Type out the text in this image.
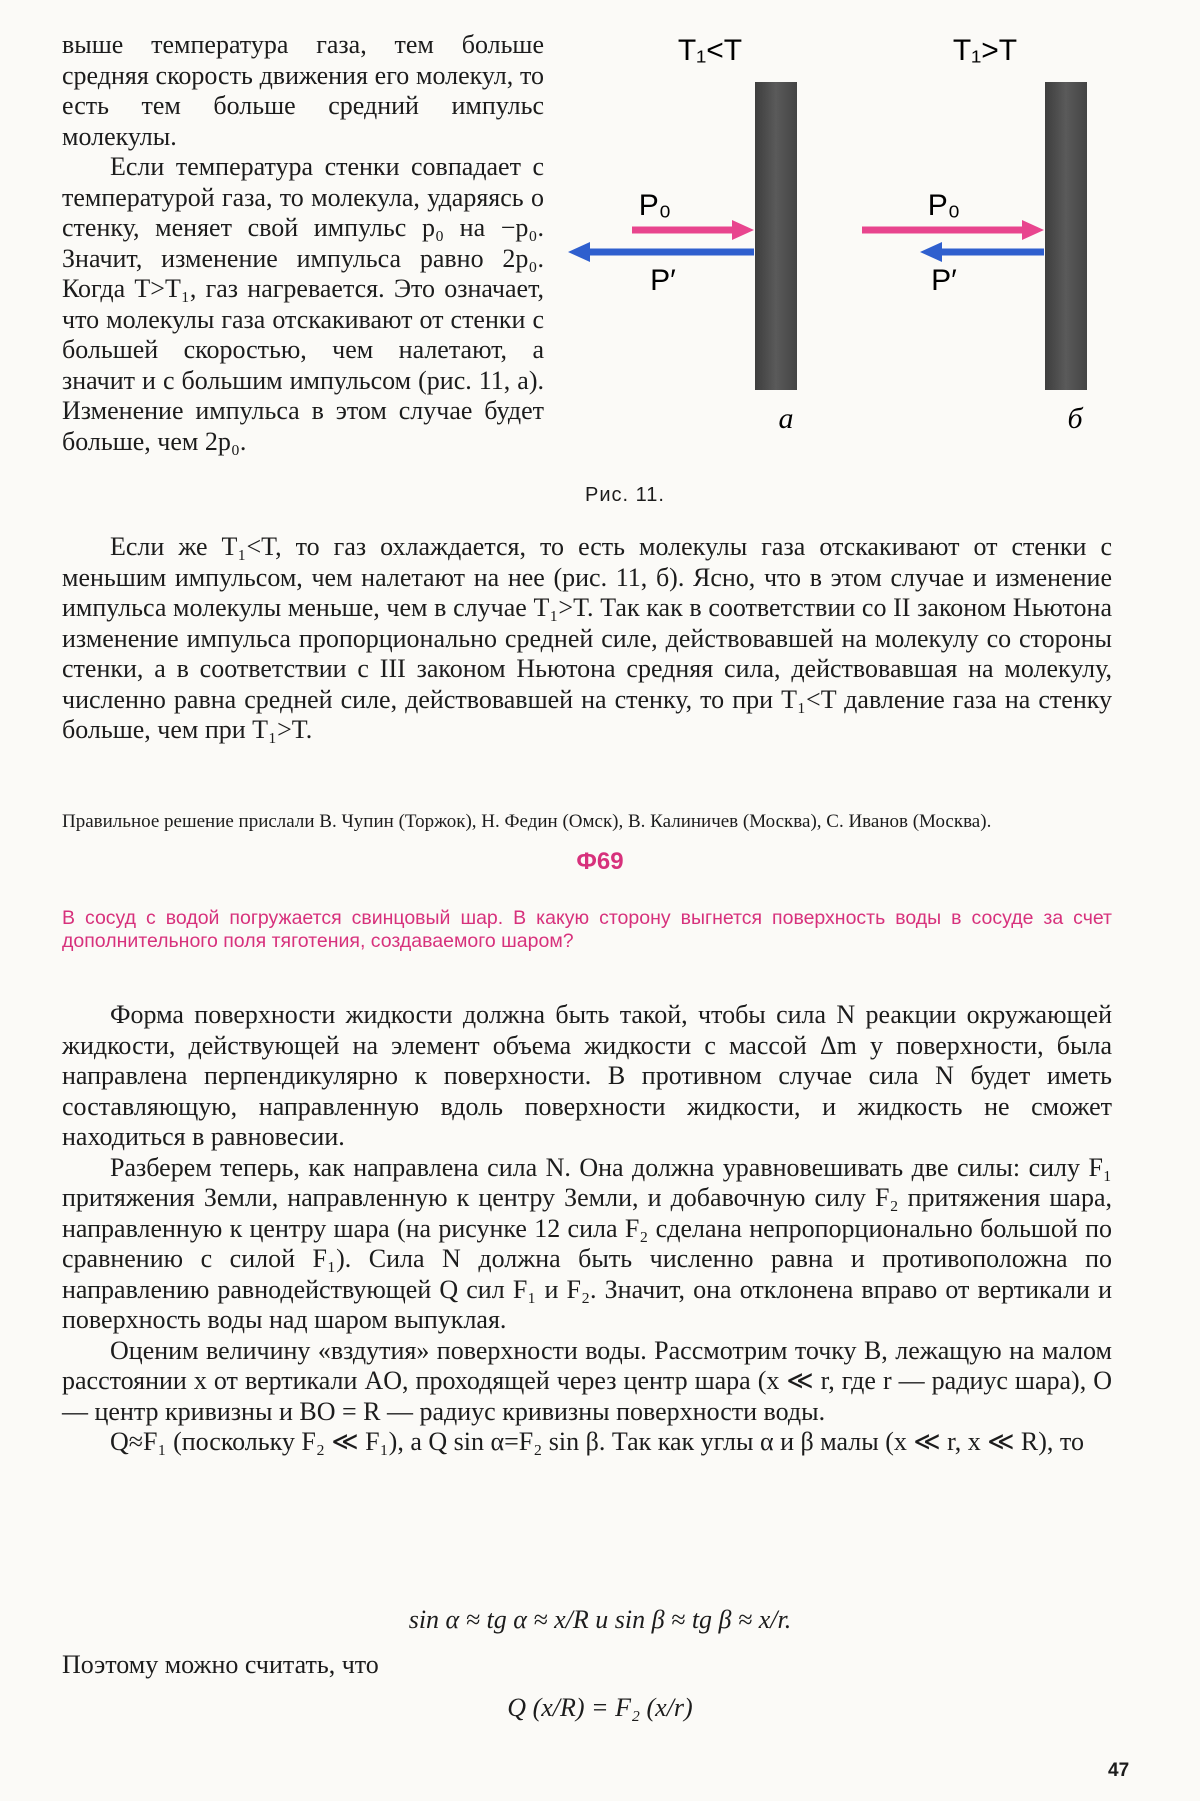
выше температура газа, тем больше средняя скорость движения его молекул, то есть тем больше средний импульс молекулы.

Если температура стенки совпадает с температурой газа, то молекула, ударяясь о стенку, меняет свой импульс p₀ на −p₀. Значит, изменение импульса равно 2p₀. Когда T>T₁, газ нагревается. Это означает, что молекулы газа отскакивают от стенки с большей скоростью, чем налетают, а значит и с большим импульсом (рис. 11, а). Изменение импульса в этом случае будет больше, чем 2p₀.

T₁<T
P₀
P′
а
T₁>T
P₀
P′
б
Рис. 11.

Если же T₁<T, то газ охлаждается, то есть молекулы газа отскакивают от стенки с меньшим импульсом, чем налетают на нее (рис. 11, б). Ясно, что в этом случае и изменение импульса молекулы меньше, чем в случае T₁>T. Так как в соответствии со II законом Ньютона изменение импульса пропорционально средней силе, действовавшей на молекулу со стороны стенки, а в соответствии с III законом Ньютона средняя сила, действовавшая на молекулу, численно равна средней силе, действовавшей на стенку, то при T₁<T давление газа на стенку больше, чем при T₁>T.

Правильное решение прислали В. Чупин (Торжок), Н. Федин (Омск), В. Калиничев (Москва), С. Иванов (Москва).
Ф69
В сосуд с водой погружается свинцовый шар. В какую сторону выгнется поверхность воды в сосуде за счет дополнительного поля тяготения, создаваемого шаром?

Форма поверхности жидкости должна быть такой, чтобы сила N реакции окружающей жидкости, действующей на элемент объема жидкости с массой Δm у поверхности, была направлена перпендикулярно к поверхности. В противном случае сила N будет иметь составляющую, направленную вдоль поверхности жидкости, и жидкость не сможет находиться в равновесии.

Разберем теперь, как направлена сила N. Она должна уравновешивать две силы: силу F₁ притяжения Земли, направленную к центру Земли, и добавочную силу F₂ притяжения шара, направленную к центру шара (на рисунке 12 сила F₂ сделана непропорционально большой по сравнению с силой F₁). Сила N должна быть численно равна и противоположна по направлению равнодействующей Q сил F₁ и F₂. Значит, она отклонена вправо от вертикали и поверхность воды над шаром выпуклая.

Оценим величину «вздутия» поверхности воды. Рассмотрим точку B, лежащую на малом расстоянии x от вертикали AO, проходящей через центр шара (x ≪ r, где r — радиус шара), O — центр кривизны и BO = R — радиус кривизны поверхности воды.

Q≈F₁ (поскольку F₂ ≪ F₁), а Q sin α=F₂ sin β. Так как углы α и β малы (x ≪ r, x ≪ R), то

sin α ≈ tg α ≈ x/R и sin β ≈ tg β ≈ x/r.
Поэтому можно считать, что
Q (x/R) = F₂ (x/r)
47
